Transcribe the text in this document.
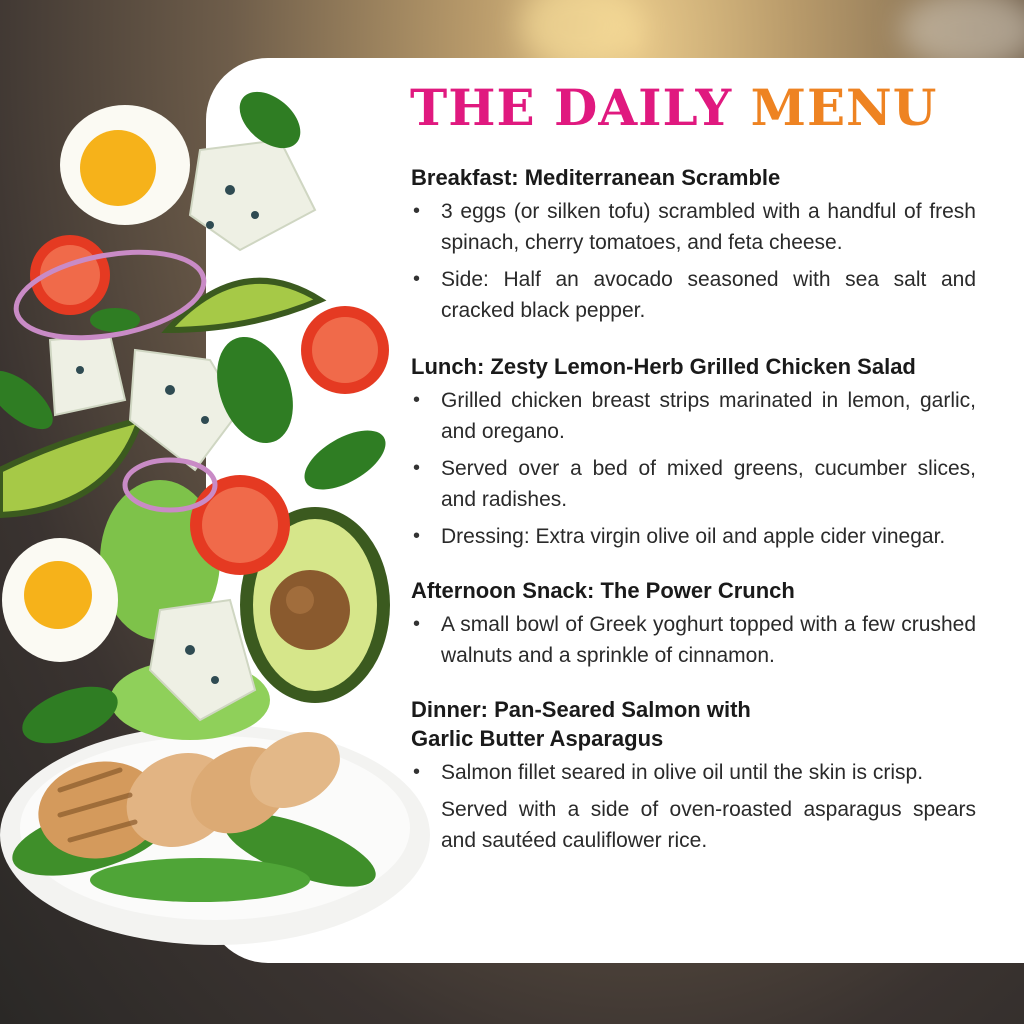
THE DAILY MENU
Breakfast: Mediterranean Scramble
• 3 eggs (or silken tofu) scrambled with a handful of fresh spinach, cherry tomatoes, and feta cheese.
• Side: Half an avocado seasoned with sea salt and cracked black pepper.
Lunch: Zesty Lemon-Herb Grilled Chicken Salad
• Grilled chicken breast strips marinated in lemon, garlic, and oregano.
• Served over a bed of mixed greens, cucumber slices, and radishes.
• Dressing: Extra virgin olive oil and apple cider vinegar.
Afternoon Snack: The Power Crunch
• A small bowl of Greek yoghurt topped with a few crushed walnuts and a sprinkle of cinnamon.
Dinner: Pan-Seared Salmon with
Garlic Butter Asparagus
• Salmon fillet seared in olive oil until the skin is crisp.
• Served with a side of oven-roasted asparagus spears and sautéed cauliflower rice.
